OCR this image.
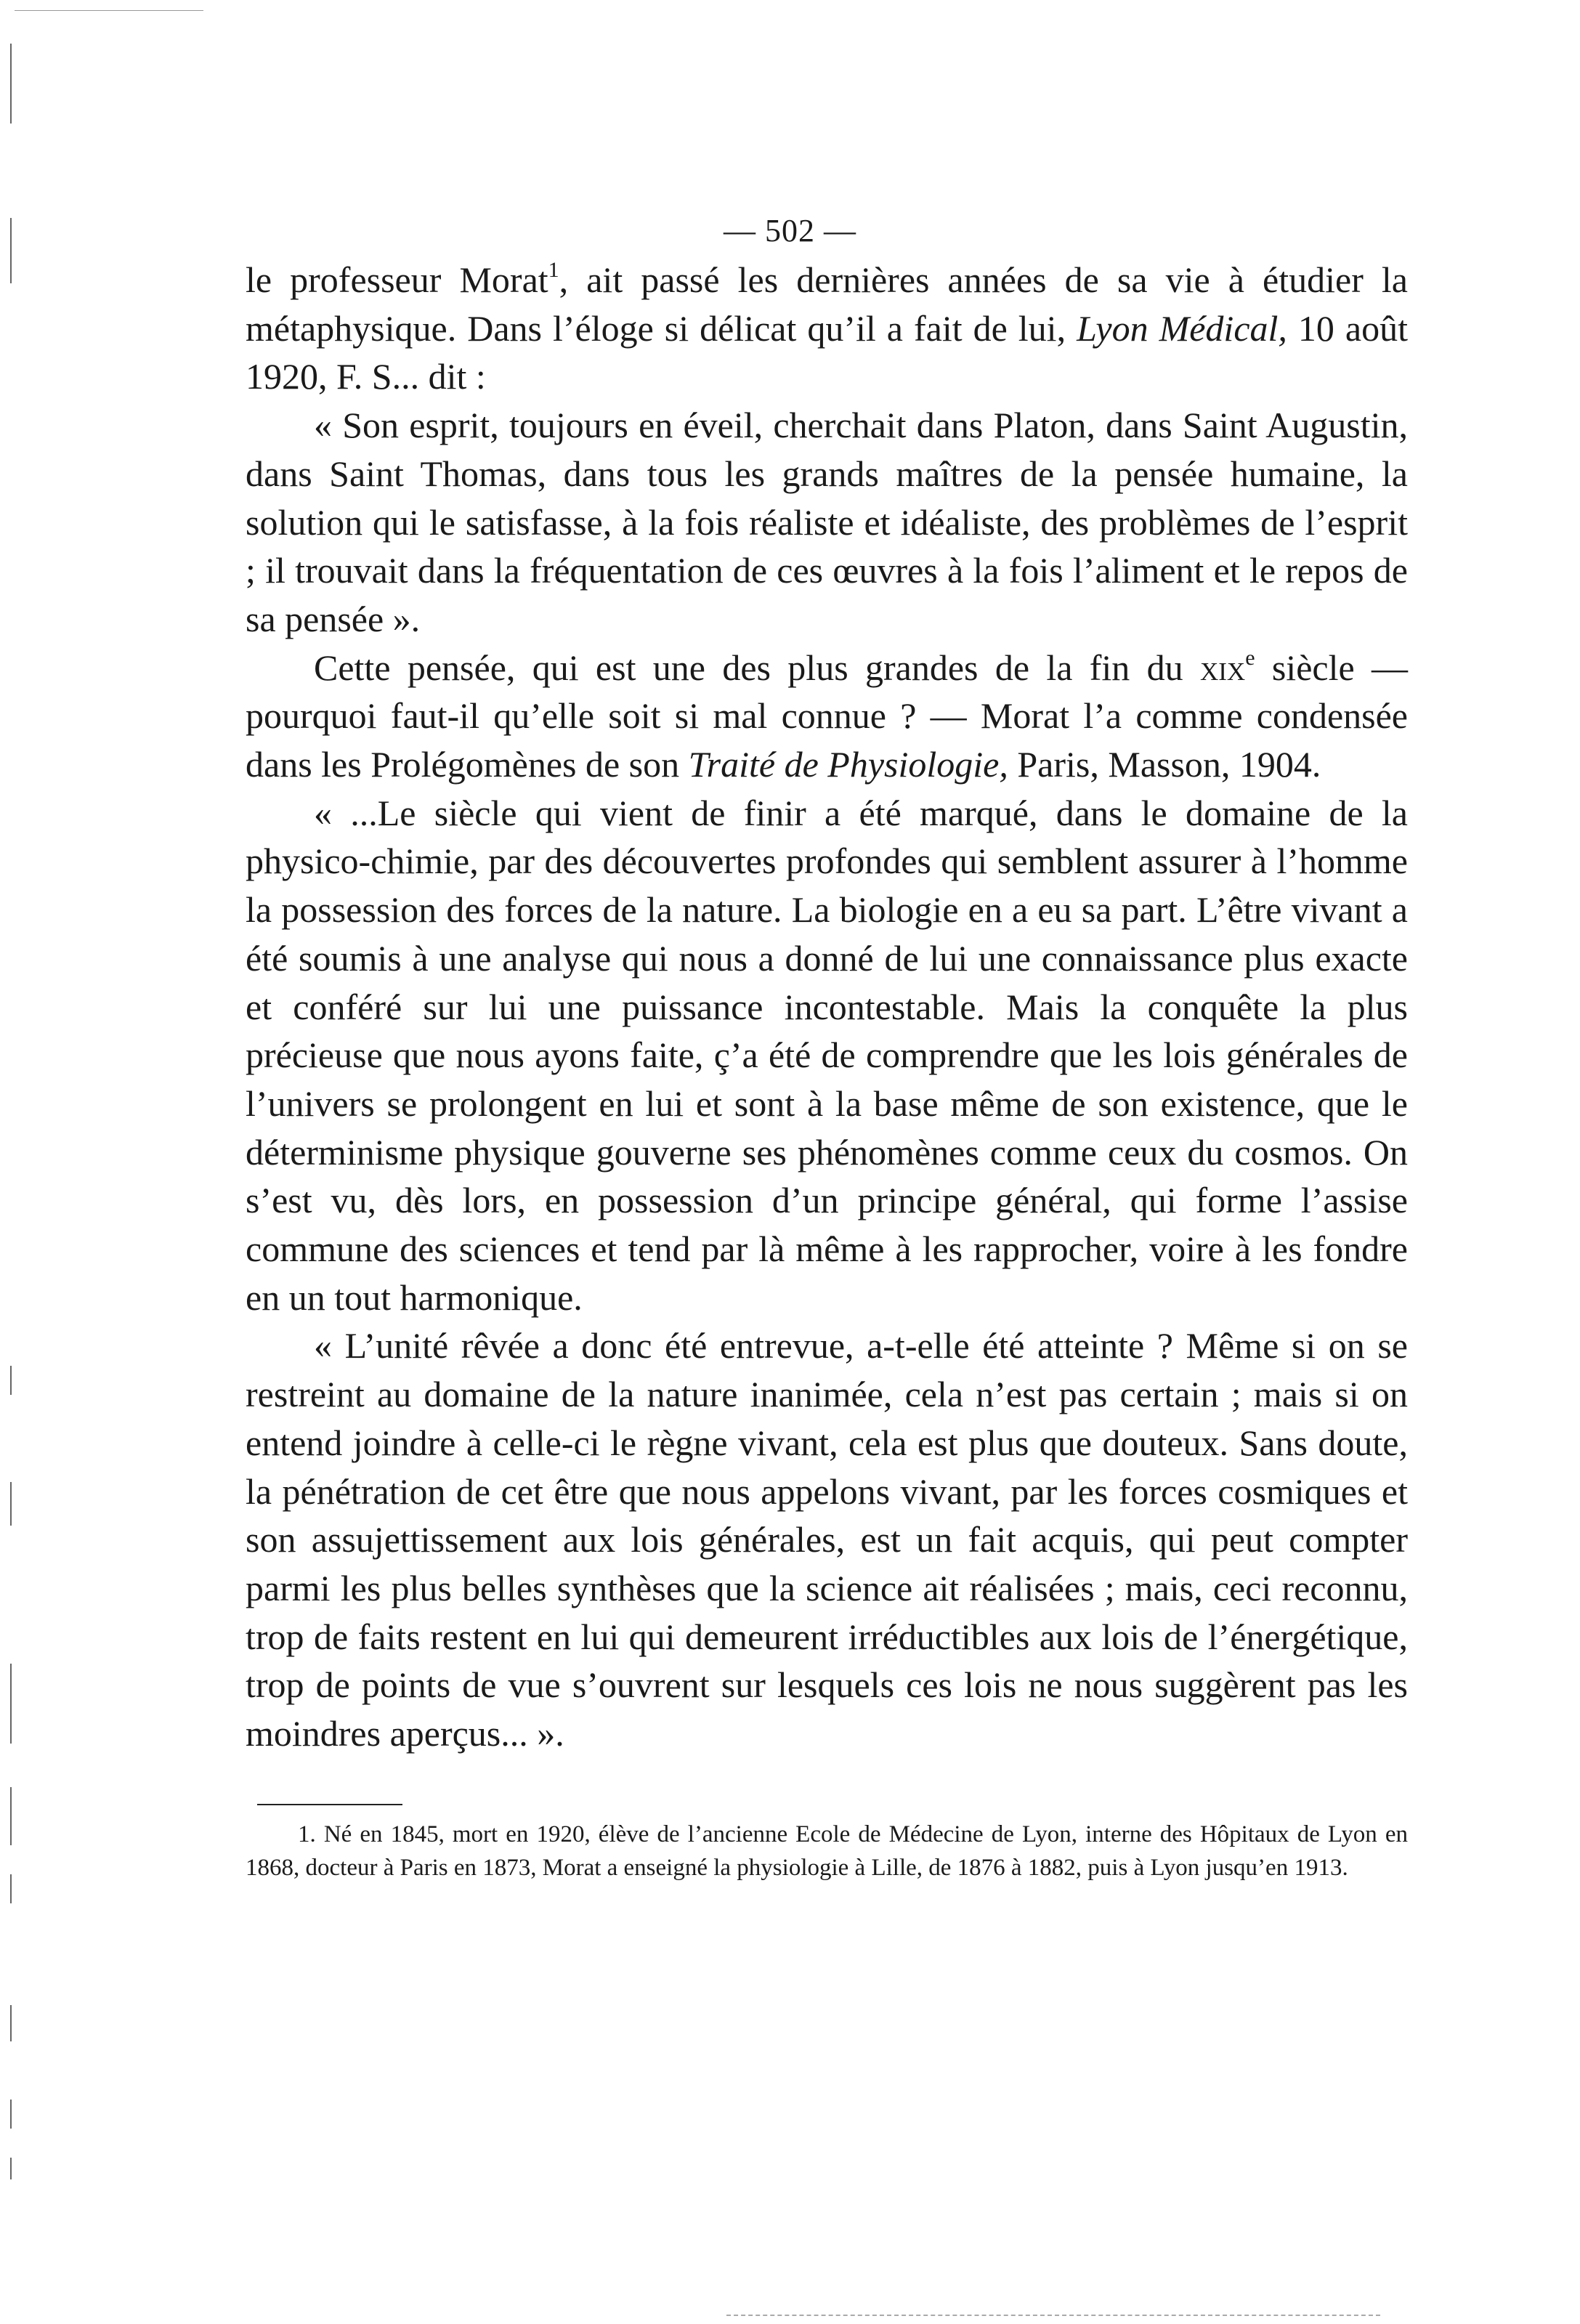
— 502 —

le professeur Morat$^1$, ait passé les dernières années de sa vie à étudier la métaphysique. Dans l’éloge si délicat qu’il a fait de lui, Lyon Médical, 10 août 1920, F. S... dit :

« Son esprit, toujours en éveil, cherchait dans Platon, dans Saint Augustin, dans Saint Thomas, dans tous les grands maîtres de la pensée humaine, la solution qui le satisfasse, à la fois réaliste et idéaliste, des problèmes de l’esprit ; il trouvait dans la fréquentation de ces œuvres à la fois l’aliment et le repos de sa pensée ».

Cette pensée, qui est une des plus grandes de la fin du xix$^e$ siècle — pourquoi faut-il qu’elle soit si mal connue ? — Morat l’a comme condensée dans les Prolégomènes de son Traité de Physiologie, Paris, Masson, 1904.

« ...Le siècle qui vient de finir a été marqué, dans le domaine de la physico-chimie, par des découvertes profondes qui semblent assurer à l’homme la possession des forces de la nature. La biologie en a eu sa part. L’être vivant a été soumis à une analyse qui nous a donné de lui une connaissance plus exacte et conféré sur lui une puissance incontestable. Mais la conquête la plus précieuse que nous ayons faite, ç’a été de comprendre que les lois générales de l’univers se prolongent en lui et sont à la base même de son existence, que le déterminisme physique gouverne ses phénomènes comme ceux du cosmos. On s’est vu, dès lors, en possession d’un principe général, qui forme l’assise commune des sciences et tend par là même à les rapprocher, voire à les fondre en un tout harmonique.

« L’unité rêvée a donc été entrevue, a-t-elle été atteinte ? Même si on se restreint au domaine de la nature inanimée, cela n’est pas certain ; mais si on entend joindre à celle-ci le règne vivant, cela est plus que douteux. Sans doute, la pénétration de cet être que nous appelons vivant, par les forces cosmiques et son assujettissement aux lois générales, est un fait acquis, qui peut compter parmi les plus belles synthèses que la science ait réalisées ; mais, ceci reconnu, trop de faits restent en lui qui demeurent irréductibles aux lois de l’énergétique, trop de points de vue s’ouvrent sur lesquels ces lois ne nous suggèrent pas les moindres aperçus... ».

1. Né en 1845, mort en 1920, élève de l’ancienne Ecole de Médecine de Lyon, interne des Hôpitaux de Lyon en 1868, docteur à Paris en 1873, Morat a enseigné la physiologie à Lille, de 1876 à 1882, puis à Lyon jusqu’en 1913.
